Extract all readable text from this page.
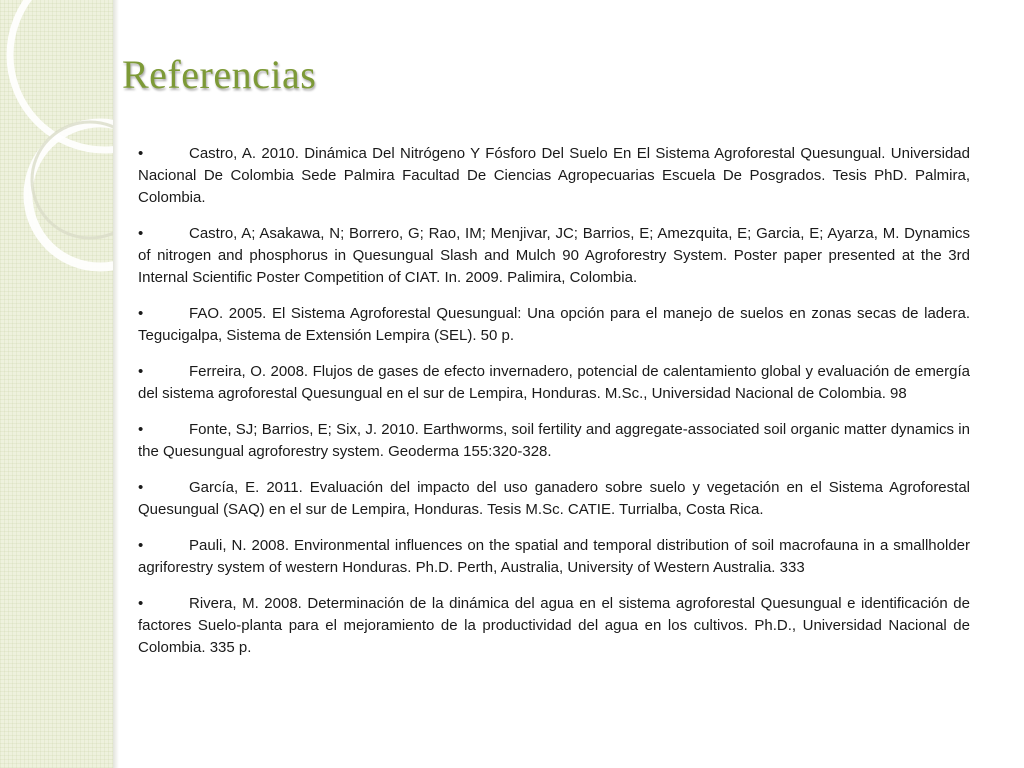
Referencias
•	Castro, A. 2010. Dinámica Del Nitrógeno Y Fósforo Del Suelo En El Sistema Agroforestal Quesungual. Universidad Nacional De Colombia Sede Palmira Facultad De Ciencias Agropecuarias Escuela De Posgrados. Tesis PhD. Palmira, Colombia.
•	Castro, A; Asakawa, N; Borrero, G; Rao, IM; Menjivar, JC; Barrios, E; Amezquita, E; Garcia, E; Ayarza, M. Dynamics of nitrogen and phosphorus in Quesungual Slash and Mulch 90 Agroforestry System. Poster paper presented at the 3rd Internal Scientific Poster Competition of CIAT. In. 2009. Palimira, Colombia.
•	FAO. 2005. El Sistema Agroforestal Quesungual: Una opción para el manejo de suelos en zonas secas de ladera. Tegucigalpa, Sistema de Extensión Lempira (SEL). 50 p.
•	Ferreira, O. 2008. Flujos de gases de efecto invernadero, potencial de calentamiento global y evaluación de emergía del sistema agroforestal Quesungual en el sur de Lempira, Honduras. M.Sc., Universidad Nacional de Colombia. 98
•	Fonte, SJ; Barrios, E; Six, J. 2010. Earthworms, soil fertility and aggregate-associated soil organic matter dynamics in the Quesungual agroforestry system. Geoderma 155:320-328.
•	García, E. 2011. Evaluación del impacto del uso ganadero sobre suelo y vegetación en el Sistema Agroforestal Quesungual (SAQ) en el sur de Lempira, Honduras. Tesis M.Sc. CATIE. Turrialba, Costa Rica.
•	Pauli, N. 2008. Environmental influences on the spatial and temporal distribution of soil macrofauna in a smallholder agriforestry system of western Honduras. Ph.D. Perth, Australia, University of Western Australia. 333
•	Rivera, M. 2008. Determinación de la dinámica del agua en el sistema agroforestal Quesungual e identificación de factores Suelo-planta para el mejoramiento de la productividad del agua en los cultivos. Ph.D., Universidad Nacional de Colombia. 335 p.
